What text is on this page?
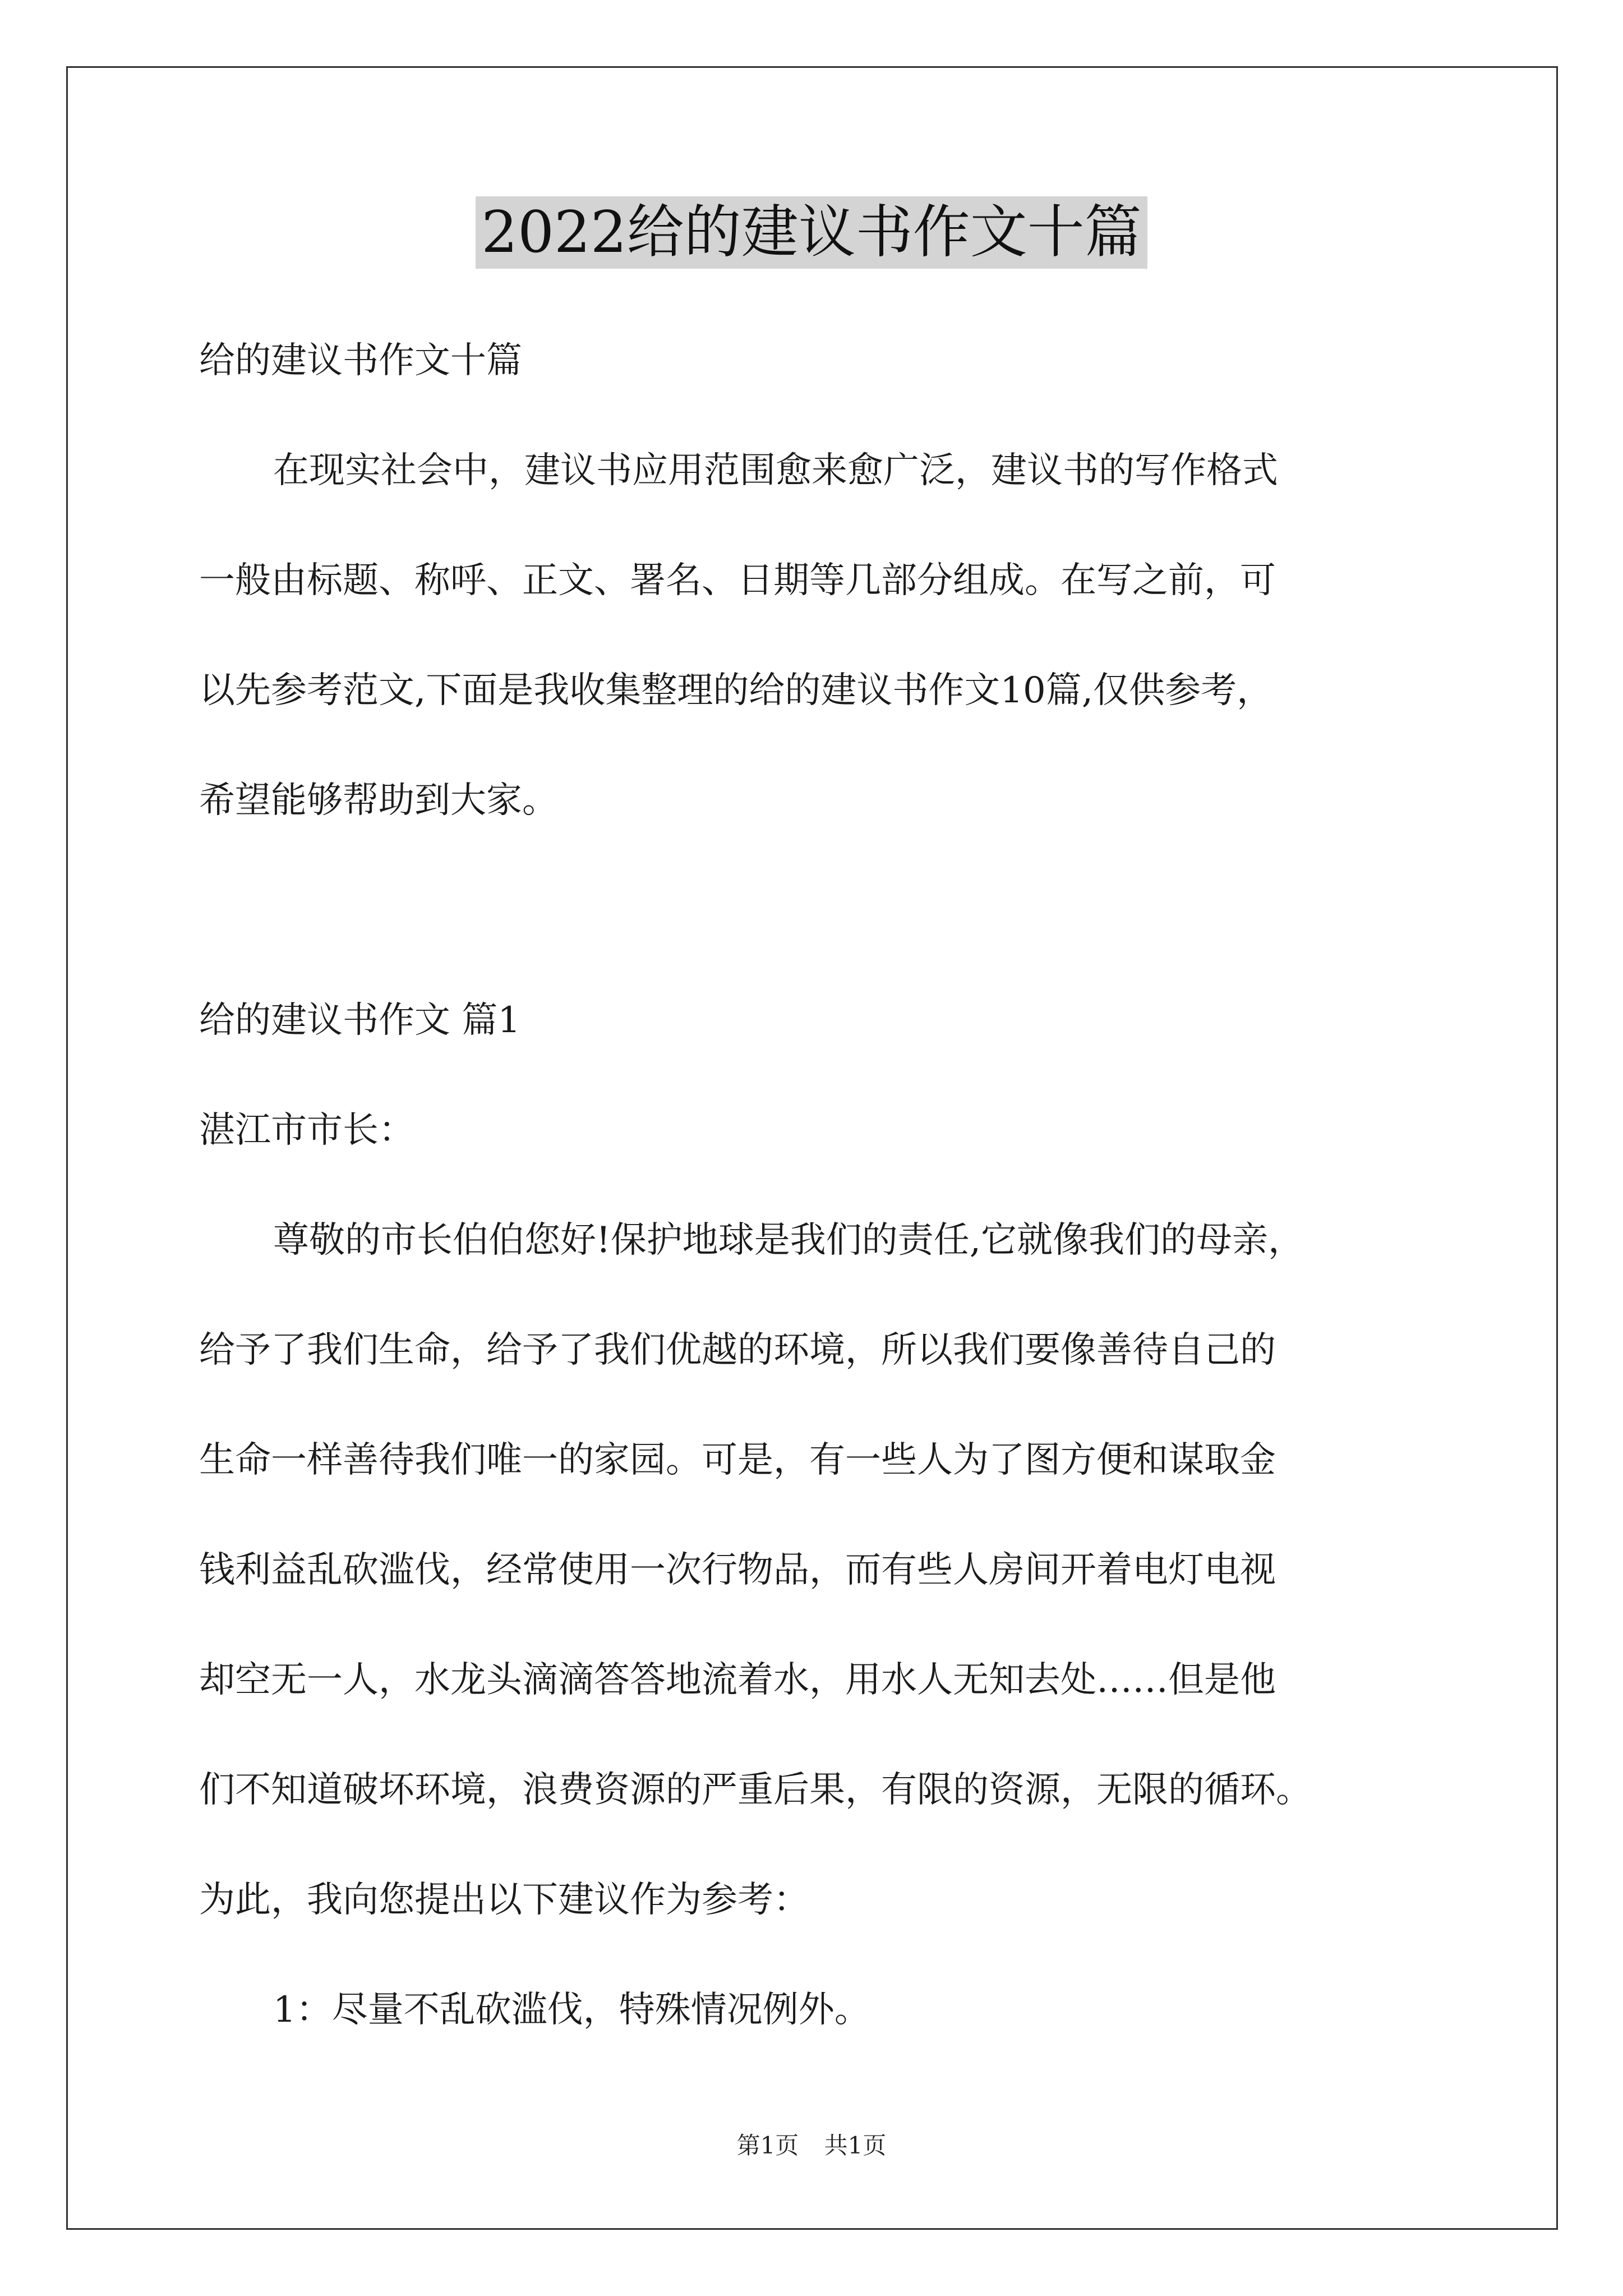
2022给的建议书作文十篇
给的建议书作文十篇
在现实社会中，建议书应用范围愈来愈广泛，建议书的写作格式
一般由标题、称呼、正文、署名、日期等几部分组成。在写之前，可
以先参考范文,下面是我收集整理的给的建议书作文10篇,仅供参考，
希望能够帮助到大家。
给的建议书作文 篇1
湛江市市长：
尊敬的市长伯伯您好!保护地球是我们的责任,它就像我们的母亲，
给予了我们生命，给予了我们优越的环境，所以我们要像善待自己的
生命一样善待我们唯一的家园。可是，有一些人为了图方便和谋取金
钱利益乱砍滥伐，经常使用一次行物品，而有些人房间开着电灯电视
却空无一人，水龙头滴滴答答地流着水，用水人无知去处……但是他
们不知道破坏环境，浪费资源的严重后果，有限的资源，无限的循环。
为此，我向您提出以下建议作为参考：
1：尽量不乱砍滥伐，特殊情况例外。
第1页 共1页
